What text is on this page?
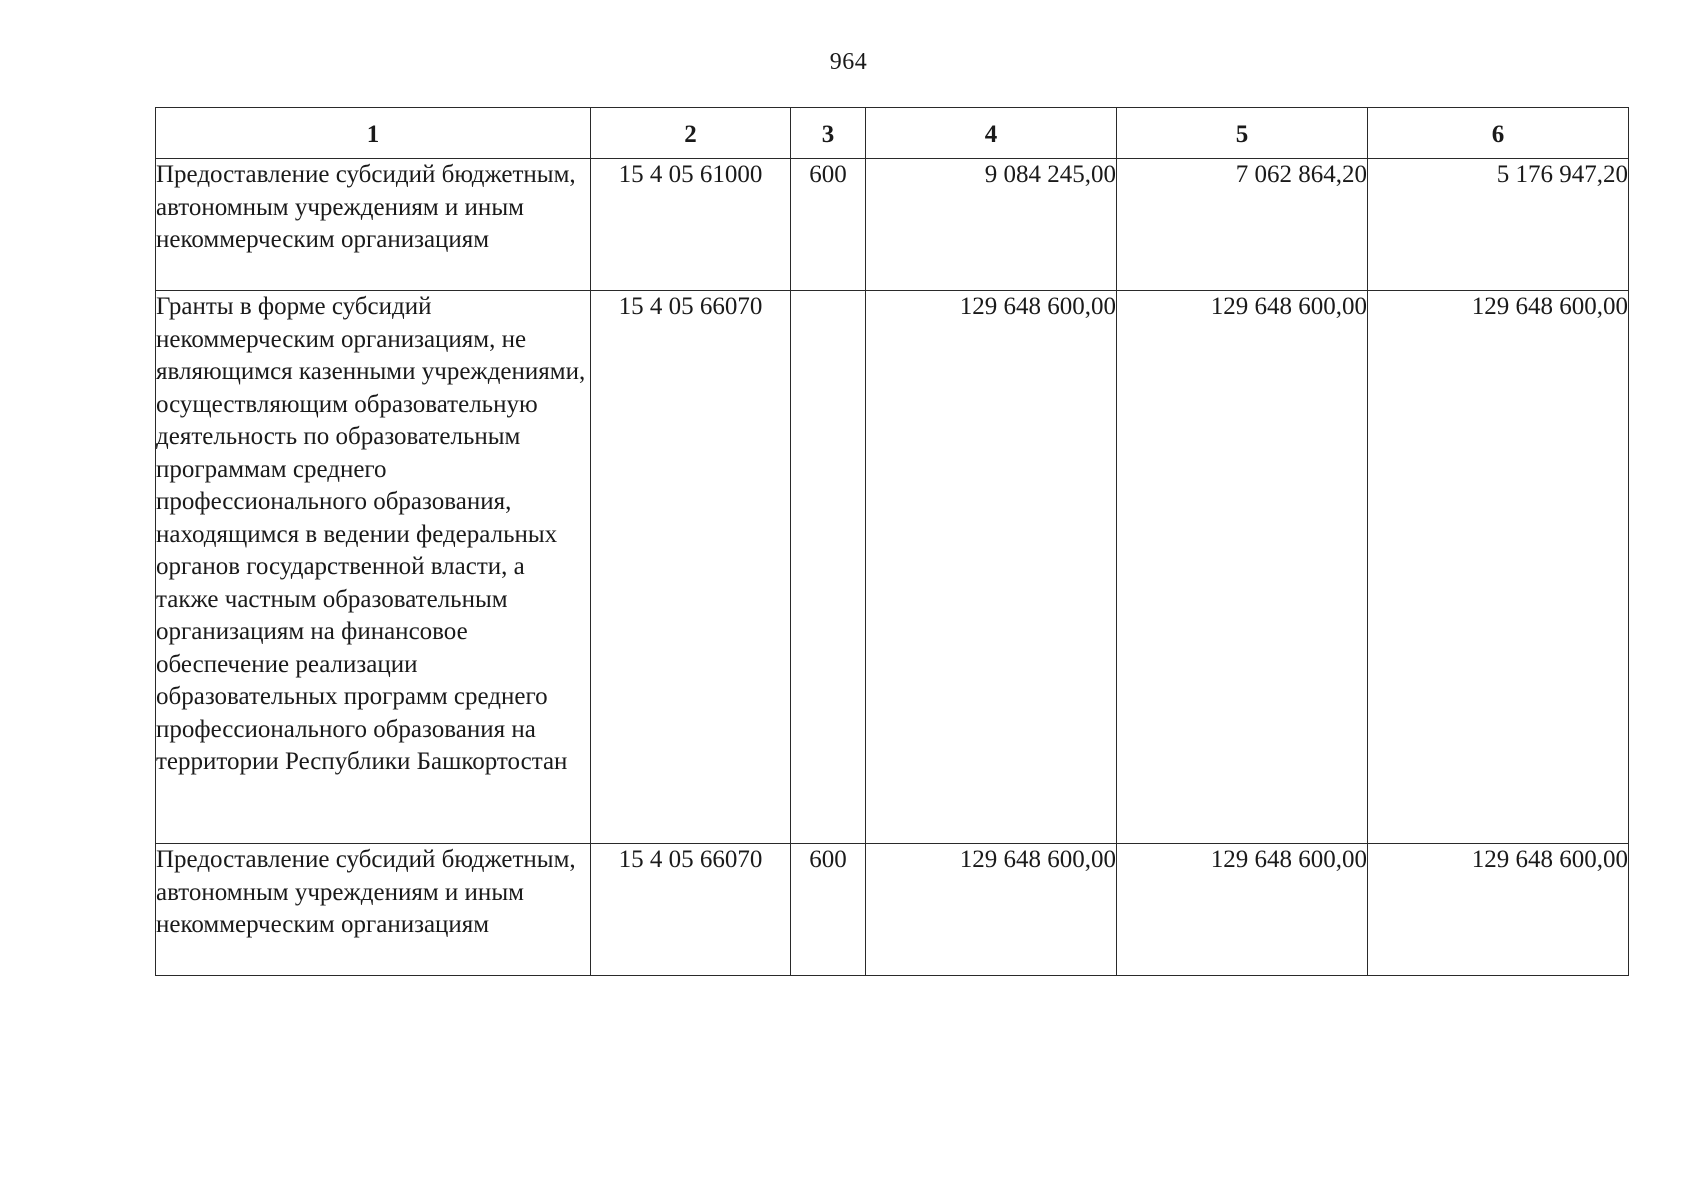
964
1	2	3	4	5	6
Предоставление субсидий бюджетным, автономным учреждениям и иным некоммерческим организациям	15 4 05 61000	600	9 084 245,00	7 062 864,20	5 176 947,20
Гранты в форме субсидий некоммерческим организациям, не являющимся казенными учреждениями, осуществляющим образовательную деятельность по образовательным программам среднего профессионального образования, находящимся в ведении федеральных органов государственной власти, а также частным образовательным организациям на финансовое обеспечение реализации образовательных программ среднего профессионального образования на территории Республики Башкортостан	15 4 05 66070		129 648 600,00	129 648 600,00	129 648 600,00
Предоставление субсидий бюджетным, автономным учреждениям и иным некоммерческим организациям	15 4 05 66070	600	129 648 600,00	129 648 600,00	129 648 600,00
